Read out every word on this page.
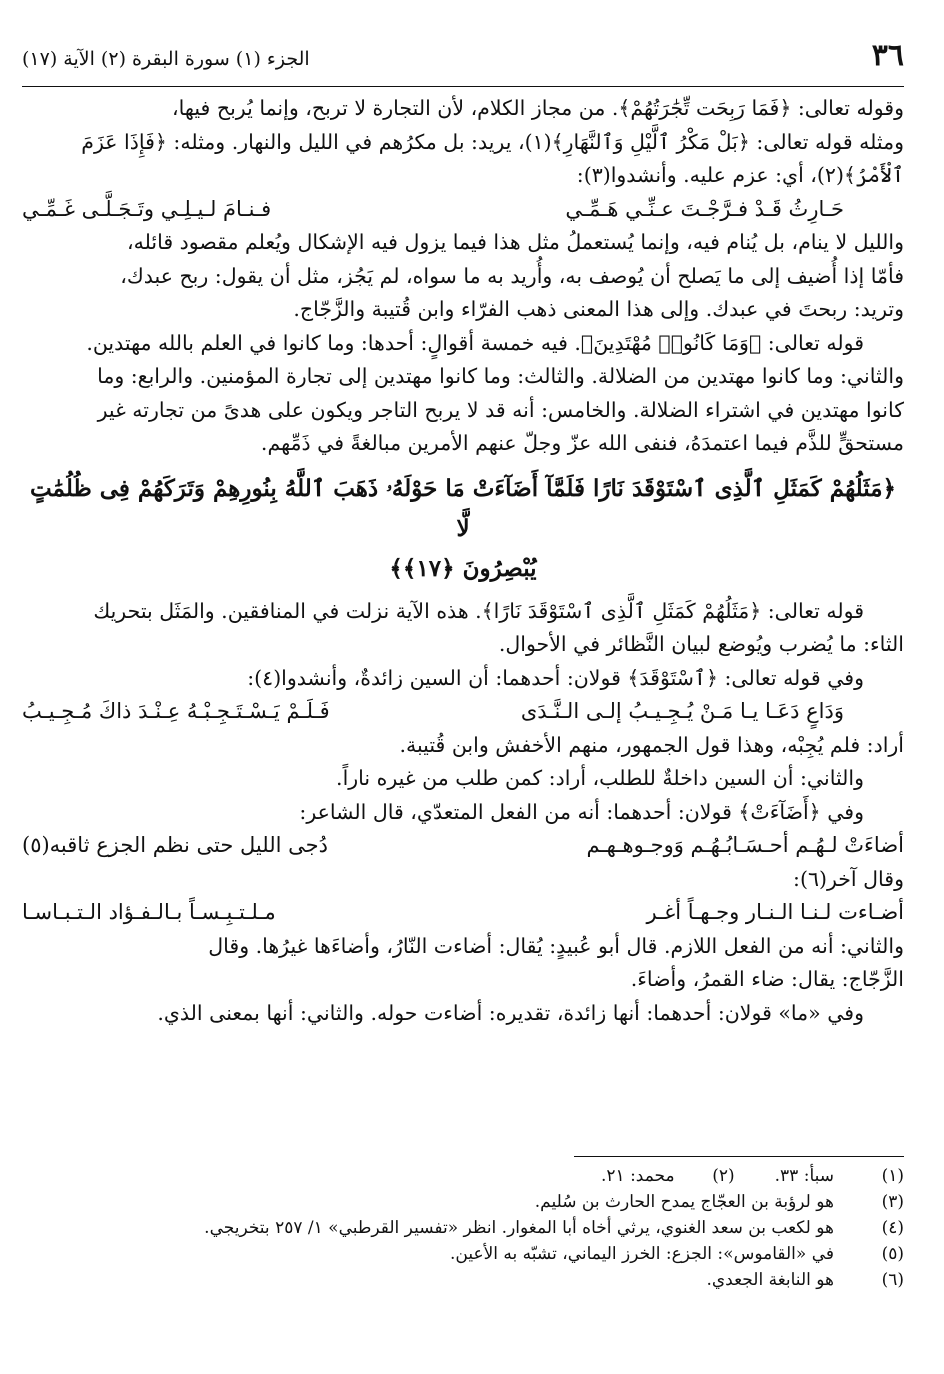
٣٦
الجزء (١) سورة البقرة (٢) الآية (١٧)

وقوله تعالى: ﴿فَمَا رَبِحَت تِّجَٰرَتُهُمْ﴾. من مجاز الكلام، لأن التجارة لا تربح، وإنما يُربح فيها،

ومثله قوله تعالى: ﴿بَلْ مَكْرُ ٱلَّيْلِ وَٱلنَّهَارِ﴾(١)، يريد: بل مكرُهم في الليل والنهار. ومثله: ﴿فَإِذَا عَزَمَ

ٱلْأَمْرُ﴾(٢)، أي: عزم عليه. وأنشدوا(٣):

حَـارِثُ قَـدْ فـرَّجْـتَ عـنِّـي هَـمِّـي
فـنـامَ لـيـلِـي وتَـجَـلَّـى غَـمِّـي

والليل لا ينام، بل يُنام فيه، وإنما يُستعملُ مثل هذا فيما يزول فيه الإشكال ويُعلم مقصود قائله،

فأمّا إذا أُضيف إلى ما يَصلح أن يُوصف به، وأُريد به ما سواه، لم يَجُز، مثل أن يقول: ربح عبدك،

وتريد: ربحتَ في عبدك. وإلى هذا المعنى ذهب الفرّاء وابن قُتيبة والزَّجّاج.

قوله تعالى: ﴿وَمَا كَانُوا۟ مُهْتَدِينَ﴾. فيه خمسة أقوالٍ: أحدها: وما كانوا في العلم بالله مهتدين.

والثاني: وما كانوا مهتدين من الضلالة. والثالث: وما كانوا مهتدين إلى تجارة المؤمنين. والرابع: وما

كانوا مهتدين في اشتراء الضلالة. والخامس: أنه قد لا يربح التاجر ويكون على هدىً من تجارته غير

مستحقٍّ للذَّم فيما اعتمدَهُ، فنفى الله عزّ وجلّ عنهم الأمرين مبالغةً في ذَمِّهم.

﴿مَثَلُهُمْ كَمَثَلِ ٱلَّذِى ٱسْتَوْقَدَ نَارًا فَلَمَّآ أَضَآءَتْ مَا حَوْلَهُۥ ذَهَبَ ٱللَّهُ بِنُورِهِمْ وَتَرَكَهُمْ فِى ظُلُمَٰتٍ لَّا
يُبْصِرُونَ ﴿١٧﴾﴾

قوله تعالى: ﴿مَثَلُهُمْ كَمَثَلِ ٱلَّذِى ٱسْتَوْقَدَ نَارًا﴾. هذه الآية نزلت في المنافقين. والمَثَل بتحريك

الثاء: ما يُضرب ويُوضع لبيان النَّظائر في الأحوال.

وفي قوله تعالى: ﴿ٱسْتَوْقَدَ﴾ قولان: أحدهما: أن السين زائدةٌ، وأنشدوا(٤):

وَدَاعٍ دَعَـا يـا مَـنْ يُـجِـيـبُ إلـى الـنَّـدَى
فَـلَـمْ يَـسْـتَـجِـبْـهُ عِـنْـدَ ذاكَ مُـجِـيـبُ

أراد: فلم يُجِبْه، وهذا قول الجمهور، منهم الأخفش وابن قُتيبة.

والثاني: أن السين داخلةٌ للطلب، أراد: كمن طلب من غيره ناراً.

وفي ﴿أَضَآءَتْ﴾ قولان: أحدهما: أنه من الفعل المتعدّي، قال الشاعر:

أضاءَتْ لـهُـم أحـسَـابُـهُـم وَوجـوهـهـم
دُجى الليل حتى نظم الجزع ثاقبه(٥)

وقال آخر(٦):

أضـاءت لـنـا الـنـار وجـهـاً أغـر
مـلـتـبِـسـاً بـالـفـؤاد الـتـبـاسـا

والثاني: أنه من الفعل اللازم. قال أبو عُبيدٍ: يُقال: أضاءت النّارُ، وأضاءَها غيرُها. وقال

الزَّجّاج: يقال: ضاء القمرُ، وأضاءَ.

وفي «ما» قولان: أحدهما: أنها زائدة، تقديره: أضاءت حوله. والثاني: أنها بمعنى الذي.

(١)
سبأ: ٣٣.
(٢)
محمد: ٢١.
(٣)
هو لرؤبة بن العجّاج يمدح الحارث بن سُليم.
(٤)
هو لكعب بن سعد الغنوي، يرثي أخاه أبا المغوار. انظر «تفسير القرطبي» ١/ ٢٥٧ بتخريجي.
(٥)
في «القاموس»: الجزع: الخرز اليماني، تشبّه به الأعين.
(٦)
هو النابغة الجعدي.
